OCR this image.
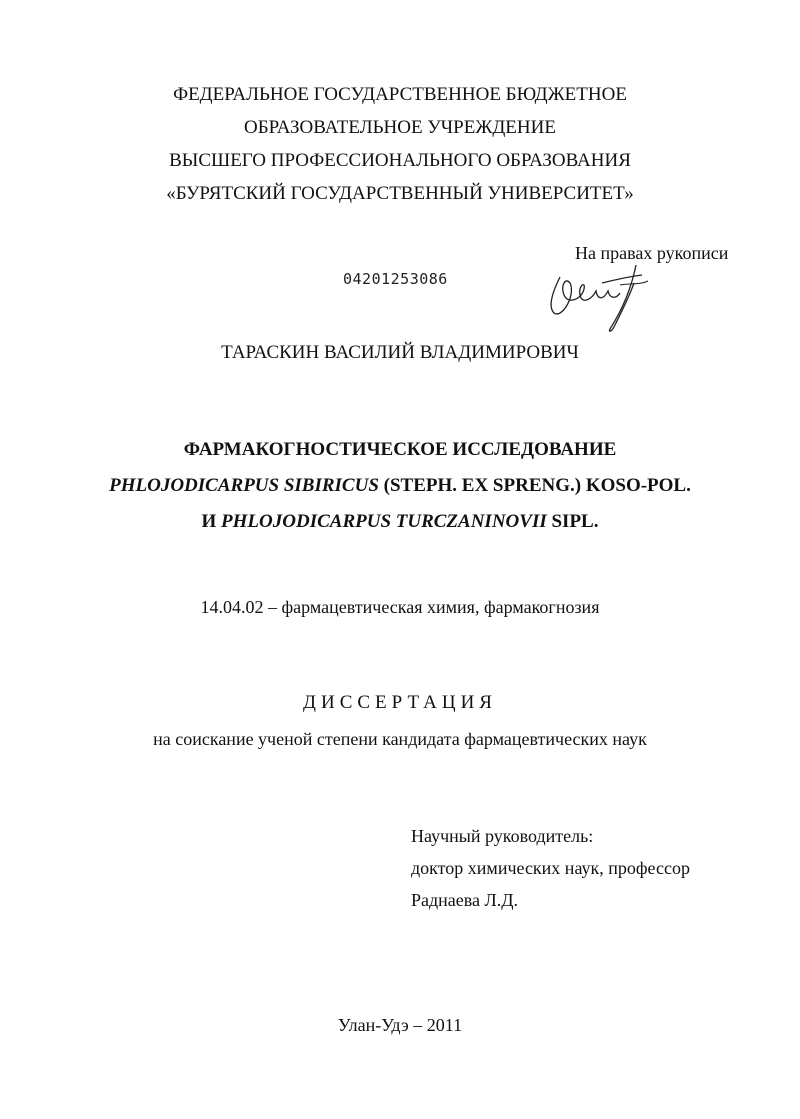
ФЕДЕРАЛЬНОЕ ГОСУДАРСТВЕННОЕ БЮДЖЕТНОЕ
ОБРАЗОВАТЕЛЬНОЕ УЧРЕЖДЕНИЕ
ВЫСШЕГО ПРОФЕССИОНАЛЬНОГО ОБРАЗОВАНИЯ
«БУРЯТСКИЙ ГОСУДАРСТВЕННЫЙ УНИВЕРСИТЕТ»
На правах рукописи
04201253086
ТАРАСКИН ВАСИЛИЙ ВЛАДИМИРОВИЧ
ФАРМАКОГНОСТИЧЕСКОЕ ИССЛЕДОВАНИЕ PHLOJODICARPUS SIBIRICUS (STEPH. EX SPRENG.) KOSO-POL. И PHLOJODICARPUS TURCZANINOVII SIPL.
14.04.02 – фармацевтическая химия, фармакогнозия
ДИССЕРТАЦИЯ
на соискание ученой степени кандидата фармацевтических наук
Научный руководитель:
доктор химических наук, профессор
Раднаева Л.Д.
Улан-Удэ – 2011
